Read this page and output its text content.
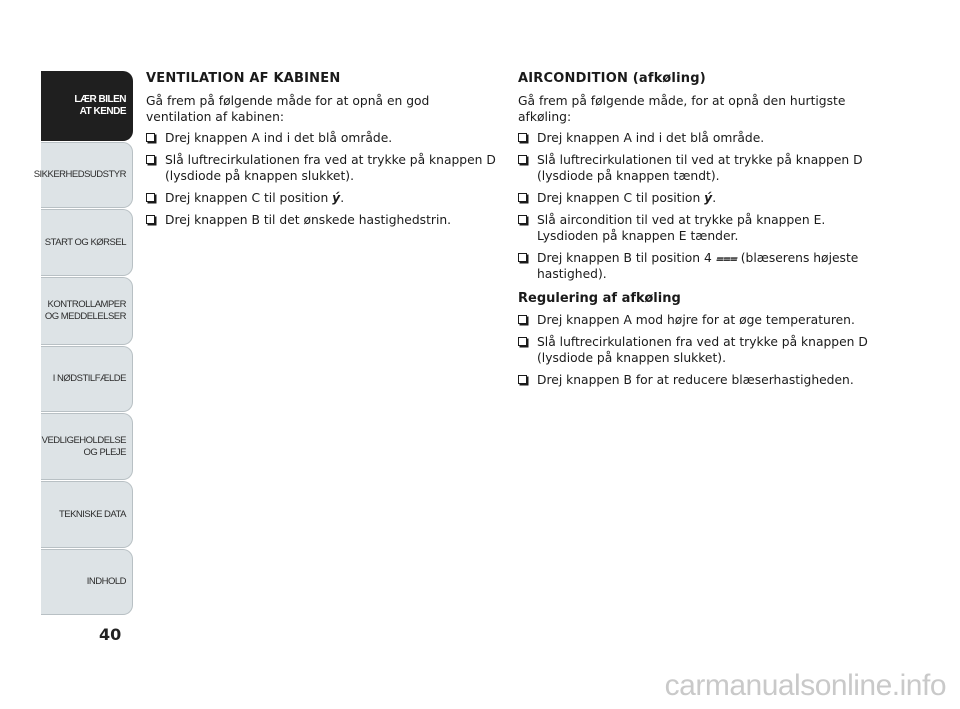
LÆR BILEN
AT KENDE
SIKKERHEDSUDSTYR
START OG KØRSEL
KONTROLLAMPER
OG MEDDELELSER
I NØDSTILFÆLDE
VEDLIGEHOLDELSE
OG PLEJE
TEKNISKE DATA
INDHOLD
40
VENTILATION AF KABINEN
Gå frem på følgende måde for at opnå en god ventilation af kabinen:
Drej knappen A ind i det blå område.
Slå luftrecirkulationen fra ved at trykke på knappen D (lysdiode på knappen slukket).
Drej knappen C til position ý.
Drej knappen B til det ønskede hastighedstrin.
AIRCONDITION (afkøling)
Gå frem på følgende måde, for at opnå den hurtigste afkøling:
Drej knappen A ind i det blå område.
Slå luftrecirkulationen til ved at trykke på knappen D (lysdiode på knappen tændt).
Drej knappen C til position ý.
Slå aircondition til ved at trykke på knappen E. Lysdioden på knappen E tænder.
Drej knappen B til position 4 ⩶ (blæserens højeste hastighed).
Regulering af afkøling
Drej knappen A mod højre for at øge temperaturen.
Slå luftrecirkulationen fra ved at trykke på knappen D (lysdiode på knappen slukket).
Drej knappen B for at reducere blæserhastigheden.
carmanualsonline.info
